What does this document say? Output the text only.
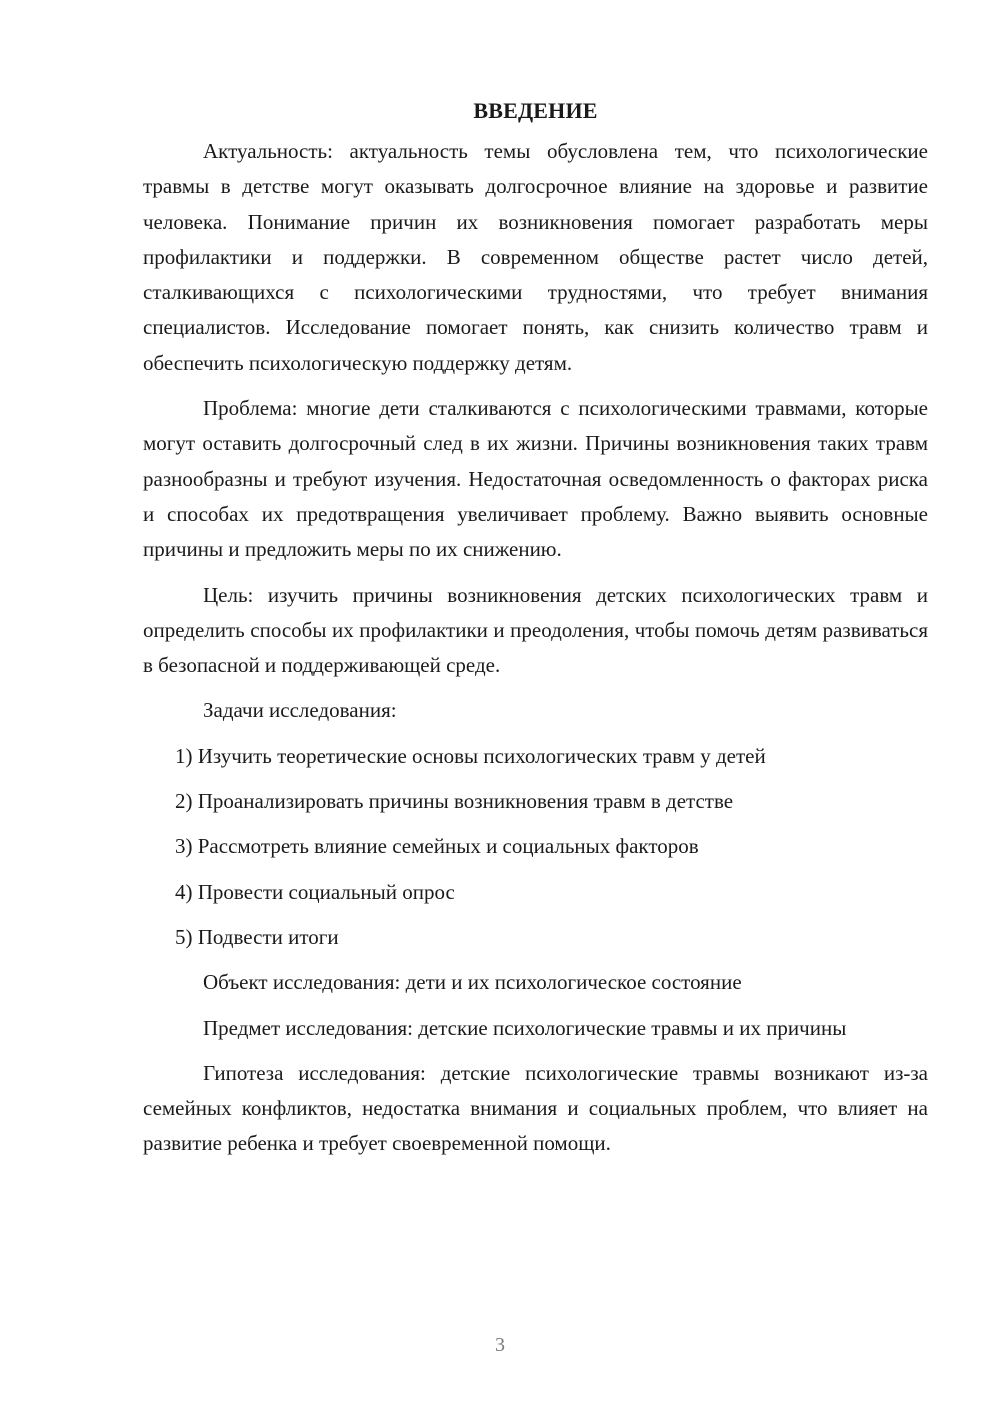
ВВЕДЕНИЕ

Актуальность: актуальность темы обусловлена тем, что психологические травмы в детстве могут оказывать долгосрочное влияние на здоровье и развитие человека. Понимание причин их возникновения помогает разработать меры профилактики и поддержки. В современном обществе растет число детей, сталкивающихся с психологическими трудностями, что требует внимания специалистов. Исследование помогает понять, как снизить количество травм и обеспечить психологическую поддержку детям.

Проблема: многие дети сталкиваются с психологическими травмами, которые могут оставить долгосрочный след в их жизни. Причины возникновения таких травм разнообразны и требуют изучения. Недостаточная осведомленность о факторах риска и способах их предотвращения увеличивает проблему. Важно выявить основные причины и предложить меры по их снижению.

Цель: изучить причины возникновения детских психологических травм и определить способы их профилактики и преодоления, чтобы помочь детям развиваться в безопасной и поддерживающей среде.

Задачи исследования:

1) Изучить теоретические основы психологических травм у детей
2) Проанализировать причины возникновения травм в детстве
3) Рассмотреть влияние семейных и социальных факторов
4) Провести социальный опрос
5) Подвести итоги

Объект исследования: дети и их психологическое состояние

Предмет исследования: детские психологические травмы и их причины

Гипотеза исследования: детские психологические травмы возникают из-за семейных конфликтов, недостатка внимания и социальных проблем, что влияет на развитие ребенка и требует своевременной помощи.

3
